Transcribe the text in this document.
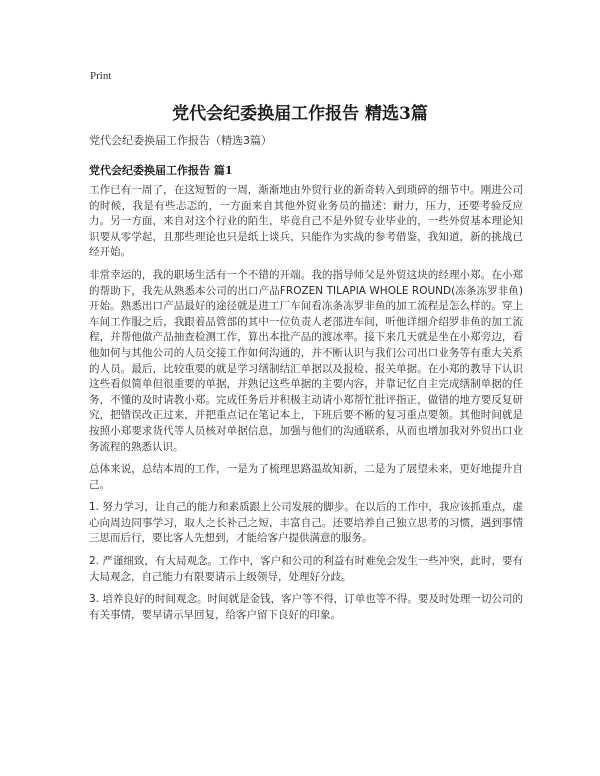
Print
党代会纪委换届工作报告 精选3篇
党代会纪委换届工作报告（精选3篇）
党代会纪委换届工作报告 篇1

工作已有一周了，在这短暂的一周，渐渐地由外贸行业的新奇转入到琐碎的细节中。刚进公司的时候，我是有些忐忑的，一方面来自其他外贸业务员的描述：耐力，压力，还要考验反应力。另一方面，来自对这个行业的陌生，毕竟自己不是外贸专业毕业的，一些外贸基本理论知识要从零学起，且那些理论也只是纸上谈兵，只能作为实战的参考借鉴，我知道，新的挑战已经开始。

非常幸运的，我的职场生活有一个不错的开端。我的指导师父是外贸这块的经理小郑。在小郑的帮助下，我先从熟悉本公司的出口产品FROZEN TILAPIA WHOLE ROUND(冻条冻罗非鱼)开始。熟悉出口产品最好的途径就是进工厂车间看冻条冻罗非鱼的加工流程是怎么样的。穿上车间工作服之后，我跟着品管部的其中一位负责人老邵进车间，听他详细介绍罗非鱼的加工流程，并帮他做产品抽查检测工作，算出本批产品的渡冰率。接下来几天就是坐在小郑旁边，看他如何与其他公司的人员交接工作如何沟通的，并不断认识与我们公司出口业务等有重大关系的人员。最后，比较重要的就是学习缮制结汇单据以及报检、报关单据。在小郑的教导下认识这些看似简单但很重要的单据，并熟记这些单据的主要内容，并靠记忆自主完成缮制单据的任务，不懂的及时请教小郑。完成任务后并积极主动请小郑帮忙批评指正，做错的地方要反复研究，把错误改正过来，并把重点记在笔记本上，下班后要不断的复习重点要领。其他时间就是按照小郑要求货代等人员核对单据信息，加强与他们的沟通联系，从而也增加我对外贸出口业务流程的熟悉认识。

总体来说，总结本周的工作，一是为了梳理思路温故知新，二是为了展望未来，更好地提升自己。

1. 努力学习，让自己的能力和素质跟上公司发展的脚步。在以后的工作中，我应该抓重点，虚心向周边同事学习，取人之长补己之短，丰富自己。还要培养自己独立思考的习惯，遇到事情三思而后行，要比客人先想到，才能给客户提供满意的服务。

2. 严谨细致，有大局观念。工作中，客户和公司的利益有时难免会发生一些冲突，此时，要有大局观念，自己能力有限要请示上级领导，处理好分歧。

3. 培养良好的时间观念。时间就是金钱，客户等不得，订单也等不得。要及时处理一切公司的有关事情，要早请示早回复，给客户留下良好的印象。
